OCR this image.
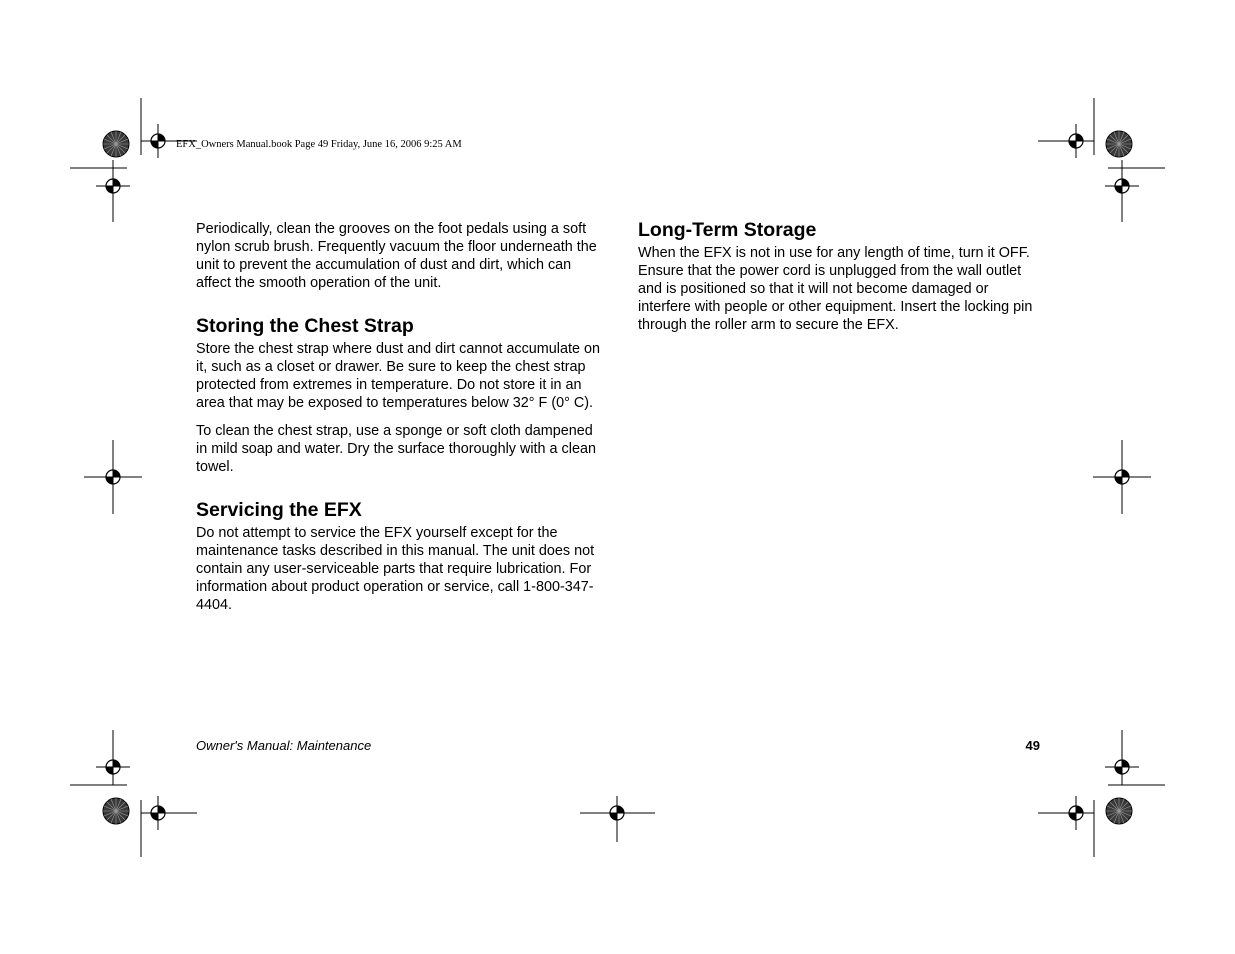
EFX_Owners Manual.book Page 49 Friday, June 16, 2006 9:25 AM

Periodically, clean the grooves on the foot pedals using a soft nylon scrub brush. Frequently vacuum the floor underneath the unit to prevent the accumulation of dust and dirt, which can affect the smooth operation of the unit.

Storing the Chest Strap

Store the chest strap where dust and dirt cannot accumulate on it, such as a closet or drawer. Be sure to keep the chest strap protected from extremes in temperature. Do not store it in an area that may be exposed to temperatures below 32° F (0° C).

To clean the chest strap, use a sponge or soft cloth dampened in mild soap and water. Dry the surface thoroughly with a clean towel.

Servicing the EFX

Do not attempt to service the EFX yourself except for the maintenance tasks described in this manual. The unit does not contain any user-serviceable parts that require lubrication. For information about product operation or service, call 1-800-347-4404.

Long-Term Storage

When the EFX is not in use for any length of time, turn it OFF. Ensure that the power cord is unplugged from the wall outlet and is positioned so that it will not become damaged or interfere with people or other equipment. Insert the locking pin through the roller arm to secure the EFX.

Owner's Manual: Maintenance	49
